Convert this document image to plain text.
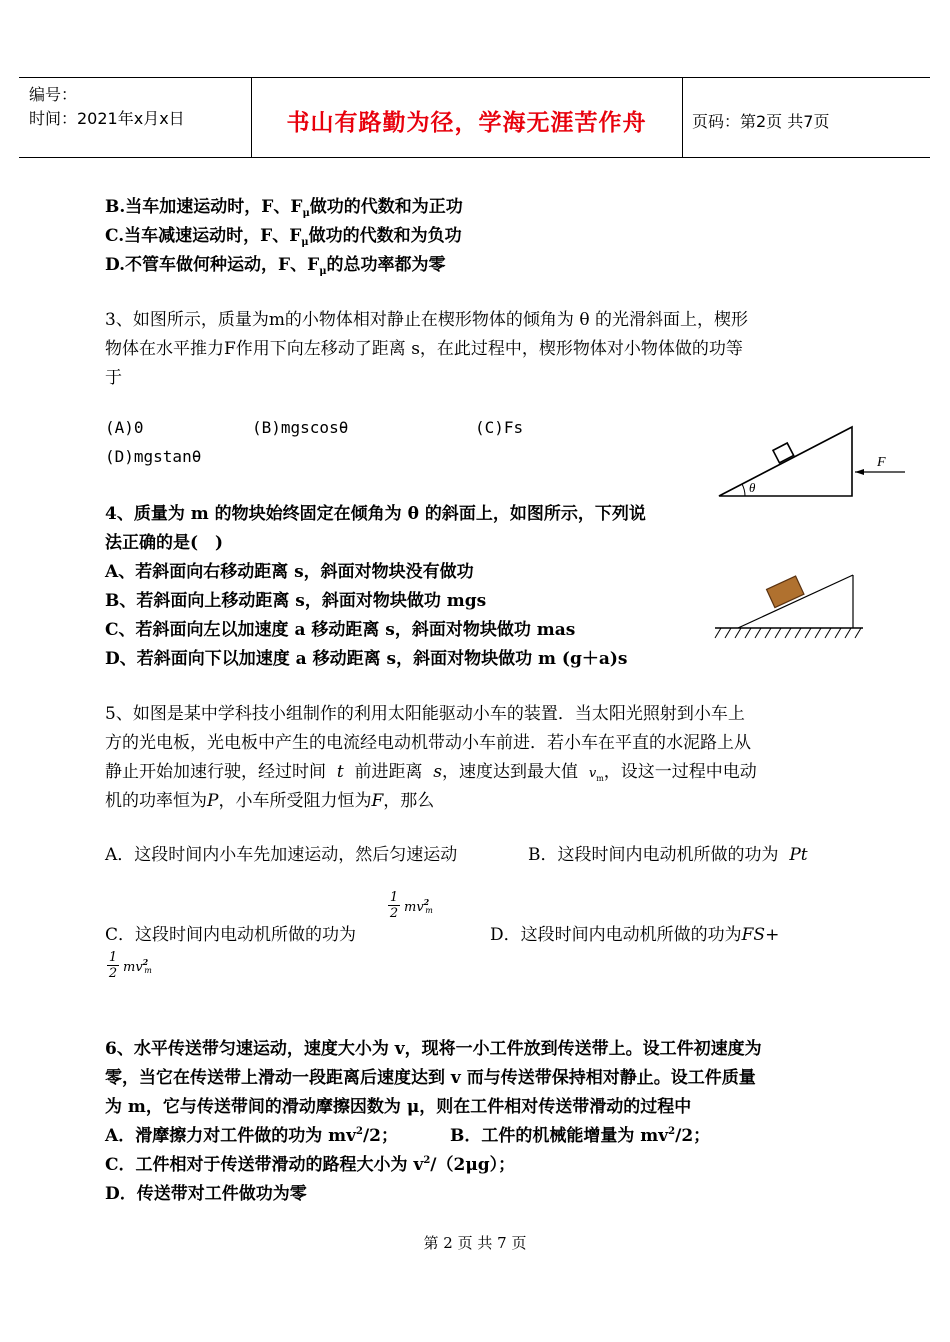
编号：
时间：2021年x月x日	书山有路勤为径，学海无涯苦作舟	页码：第2页 共7页
B.当车加速运动时，F、$F_\mu$做功的代数和为正功
C.当车减速运动时，F、$F_\mu$做功的代数和为负功
D.不管车做何种运动，F、$F_\mu$的总功率都为零
3、如图所示，质量为m的小物体相对静止在楔形物体的倾角为 θ 的光滑斜面上，楔形
物体在水平推力F作用下向左移动了距离 s，在此过程中，楔形物体对小物体做的功等
于
(A)0	(B)mgscosθ	(C)Fs
(D)mgstanθ
θ
F
4、质量为 m 的物块始终固定在倾角为 θ 的斜面上，如图所示，下列说
法正确的是(　)
A、若斜面向右移动距离 s，斜面对物块没有做功
B、若斜面向上移动距离 s，斜面对物块做功 mgs
C、若斜面向左以加速度 a 移动距离 s，斜面对物块做功 mas
D、若斜面向下以加速度 a 移动距离 s，斜面对物块做功 m (g＋a)s
5、如图是某中学科技小组制作的利用太阳能驱动小车的装置．当太阳光照射到小车上
方的光电板，光电板中产生的电流经电动机带动小车前进．若小车在平直的水泥路上从
静止开始加速行驶，经过时间 t 前进距离 s，速度达到最大值 $v_m$，设这一过程中电动
机的功率恒为P，小车所受阻力恒为F，那么
A．这段时间内小车先加速运动，然后匀速运动	B．这段时间内电动机所做的功为 Pt
C．这段时间内电动机所做的功为
1
2 $mv^2m$
D．这段时间内电动机所做的功为FS+
1
2 $mv^2m$
6、水平传送带匀速运动，速度大小为 v，现将一小工件放到传送带上。设工件初速度为
零，当它在传送带上滑动一段距离后速度达到 v 而与传送带保持相对静止。设工件质量
为 m，它与传送带间的滑动摩擦因数为 μ，则在工件相对传送带滑动的过程中
A．滑摩擦力对工件做的功为 $mv^2/2$；	B．工件的机械能增量为 $mv^2/2$；
C．工件相对于传送带滑动的路程大小为 $v^2/(2\mu g)$；
D．传送带对工件做功为零
第 2 页 共 7 页
